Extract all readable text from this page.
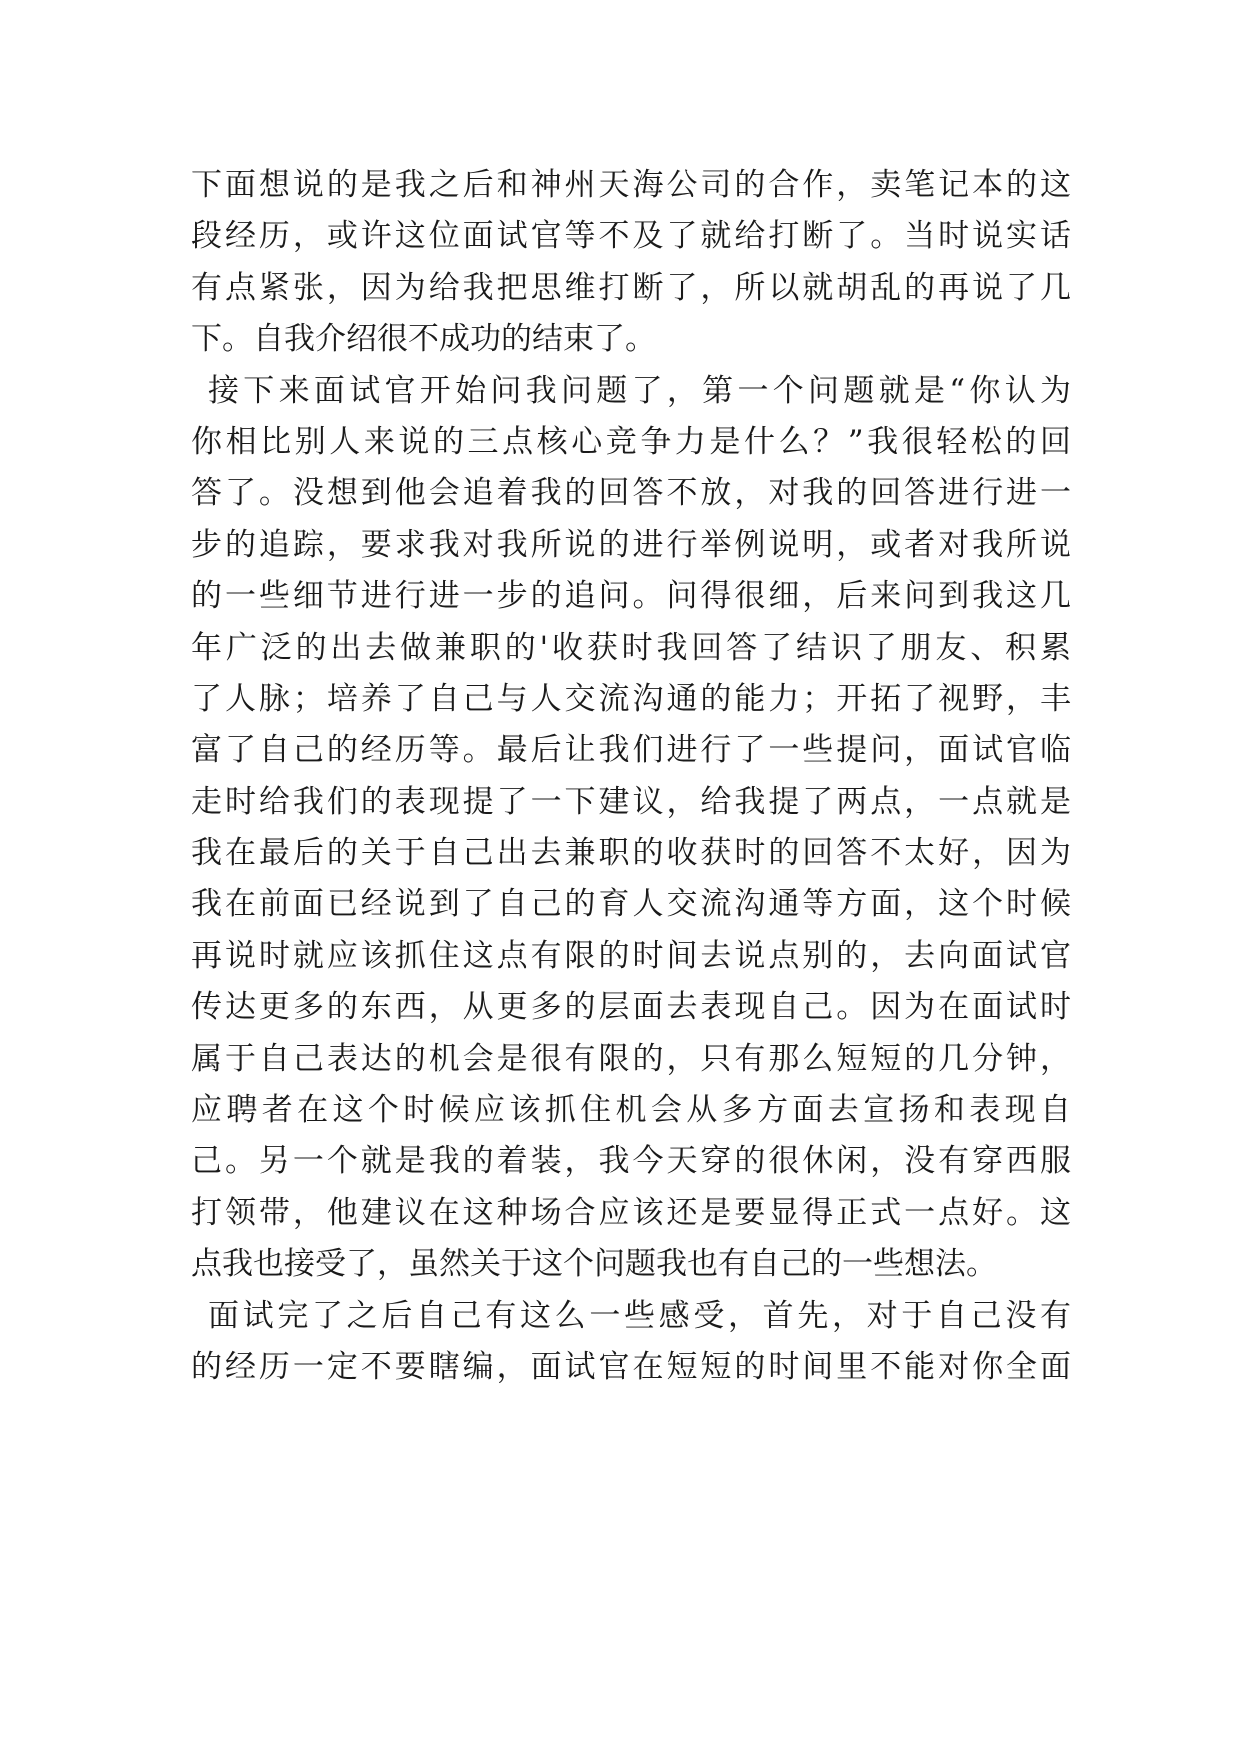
下面想说的是我之后和神州天海公司的合作，卖笔记本的这
段经历，或许这位面试官等不及了就给打断了。当时说实话
有点紧张，因为给我把思维打断了，所以就胡乱的再说了几
下。自我介绍很不成功的结束了。
接下来面试官开始问我问题了，第一个问题就是“你认为
你相比别人来说的三点核心竞争力是什么？”我很轻松的回
答了。没想到他会追着我的回答不放，对我的回答进行进一
步的追踪，要求我对我所说的进行举例说明，或者对我所说
的一些细节进行进一步的追问。问得很细，后来问到我这几
年广泛的出去做兼职的'收获时我回答了结识了朋友、积累
了人脉；培养了自己与人交流沟通的能力；开拓了视野，丰
富了自己的经历等。最后让我们进行了一些提问，面试官临
走时给我们的表现提了一下建议，给我提了两点，一点就是
我在最后的关于自己出去兼职的收获时的回答不太好，因为
我在前面已经说到了自己的育人交流沟通等方面，这个时候
再说时就应该抓住这点有限的时间去说点别的，去向面试官
传达更多的东西，从更多的层面去表现自己。因为在面试时
属于自己表达的机会是很有限的，只有那么短短的几分钟，
应聘者在这个时候应该抓住机会从多方面去宣扬和表现自
己。另一个就是我的着装，我今天穿的很休闲，没有穿西服
打领带，他建议在这种场合应该还是要显得正式一点好。这
点我也接受了，虽然关于这个问题我也有自己的一些想法。
面试完了之后自己有这么一些感受，首先，对于自己没有
的经历一定不要瞎编，面试官在短短的时间里不能对你全面
